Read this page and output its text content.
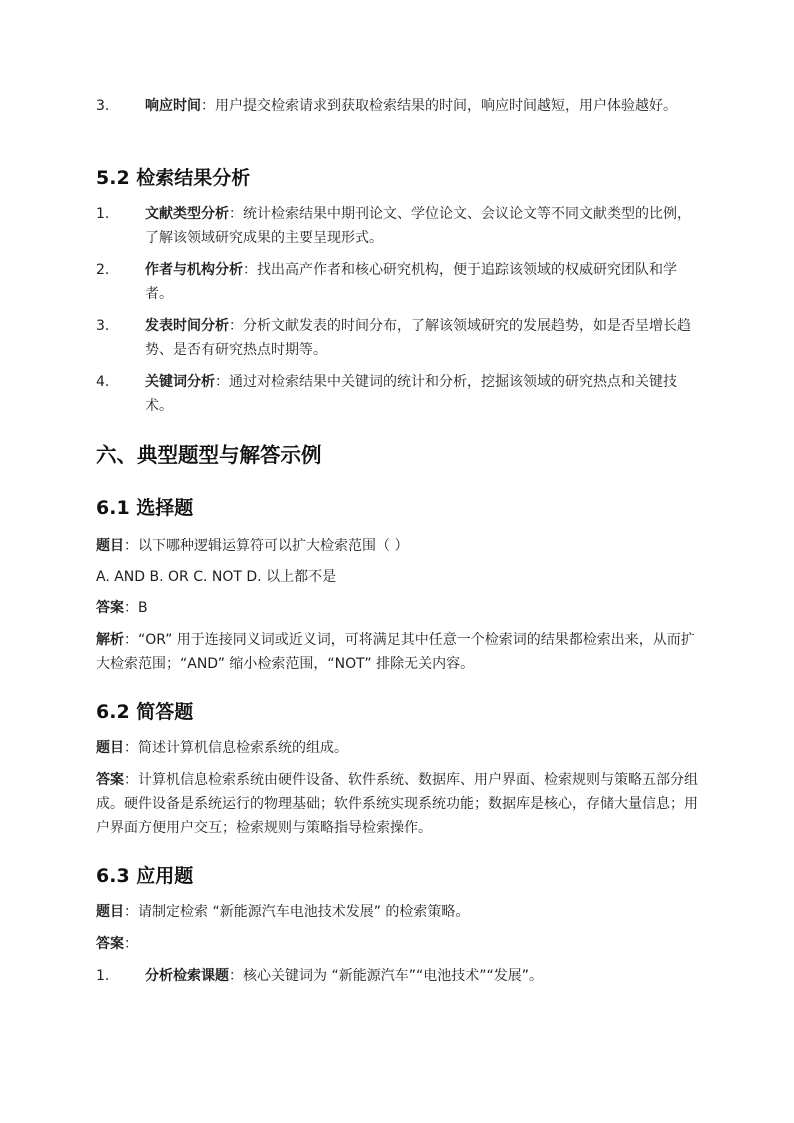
3.	响应时间：用户提交检索请求到获取检索结果的时间，响应时间越短，用户体验越好。

5.2 检索结果分析

1.	文献类型分析：统计检索结果中期刊论文、学位论文、会议论文等不同文献类型的比例，了解该领域研究成果的主要呈现形式。
2.	作者与机构分析：找出高产作者和核心研究机构，便于追踪该领域的权威研究团队和学者。
3.	发表时间分析：分析文献发表的时间分布，了解该领域研究的发展趋势，如是否呈增长趋势、是否有研究热点时期等。
4.	关键词分析：通过对检索结果中关键词的统计和分析，挖掘该领域的研究热点和关键技术。

六、典型题型与解答示例

6.1 选择题

题目：以下哪种逻辑运算符可以扩大检索范围（ ）

A. AND B. OR C. NOT D. 以上都不是

答案：B

解析：“OR” 用于连接同义词或近义词，可将满足其中任意一个检索词的结果都检索出来，从而扩大检索范围；“AND” 缩小检索范围，“NOT” 排除无关内容。

6.2 简答题

题目：简述计算机信息检索系统的组成。

答案：计算机信息检索系统由硬件设备、软件系统、数据库、用户界面、检索规则与策略五部分组成。硬件设备是系统运行的物理基础；软件系统实现系统功能；数据库是核心，存储大量信息；用户界面方便用户交互；检索规则与策略指导检索操作。

6.3 应用题

题目：请制定检索 “新能源汽车电池技术发展” 的检索策略。

答案：

1.	分析检索课题：核心关键词为 “新能源汽车”“电池技术”“发展”。
